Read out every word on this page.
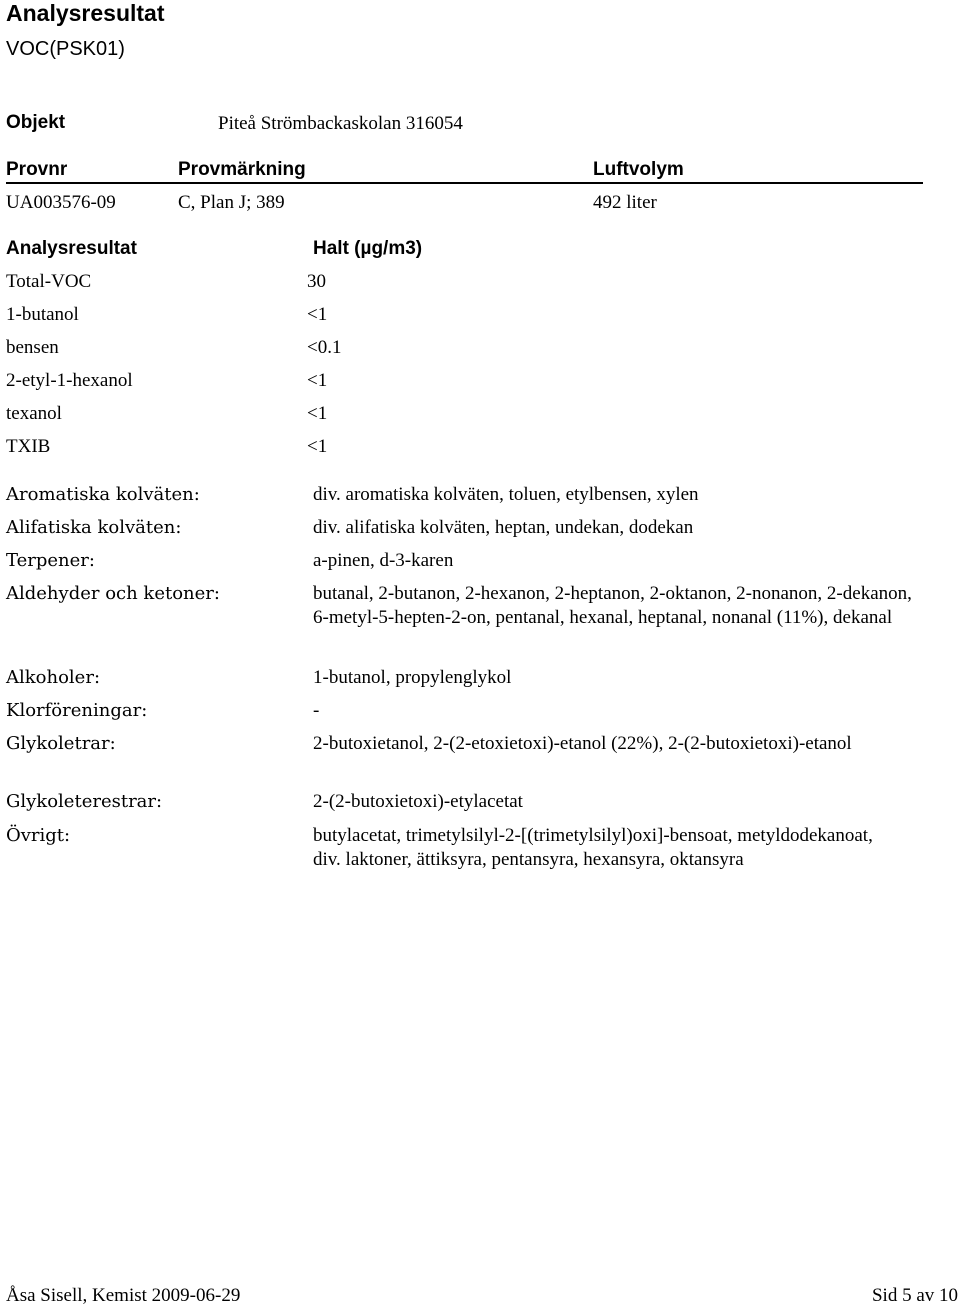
Analysresultat
VOC(PSK01)
Objekt	Piteå Strömbackaskolan 316054
Provnr	Provmärkning	Luftvolym
UA003576-09	C, Plan J; 389	492 liter
Analysresultat	Halt (µg/m3)
Total-VOC	30
1-butanol	<1
bensen	<0.1
2-etyl-1-hexanol	<1
texanol	<1
TXIB	<1
Aromatiska kolväten:	div. aromatiska kolväten, toluen, etylbensen, xylen
Alifatiska kolväten:	div. alifatiska kolväten, heptan, undekan, dodekan
Terpener:	a-pinen, d-3-karen
Aldehyder och ketoner:	butanal, 2-butanon, 2-hexanon, 2-heptanon, 2-oktanon, 2-nonanon, 2-dekanon, 6-metyl-5-hepten-2-on, pentanal, hexanal, heptanal, nonanal (11%), dekanal
Alkoholer:	1-butanol, propylenglykol
Klorföreningar:	-
Glykoletrar:	2-butoxietanol, 2-(2-etoxietoxi)-etanol (22%), 2-(2-butoxietoxi)-etanol
Glykoleterestrar:	2-(2-butoxietoxi)-etylacetat
Övrigt:	butylacetat, trimetylsilyl-2-[(trimetylsilyl)oxi]-bensoat, metyldodekanoat, div. laktoner, ättiksyra, pentansyra, hexansyra, oktansyra
Åsa Sisell, Kemist 2009-06-29	Sid 5 av 10
